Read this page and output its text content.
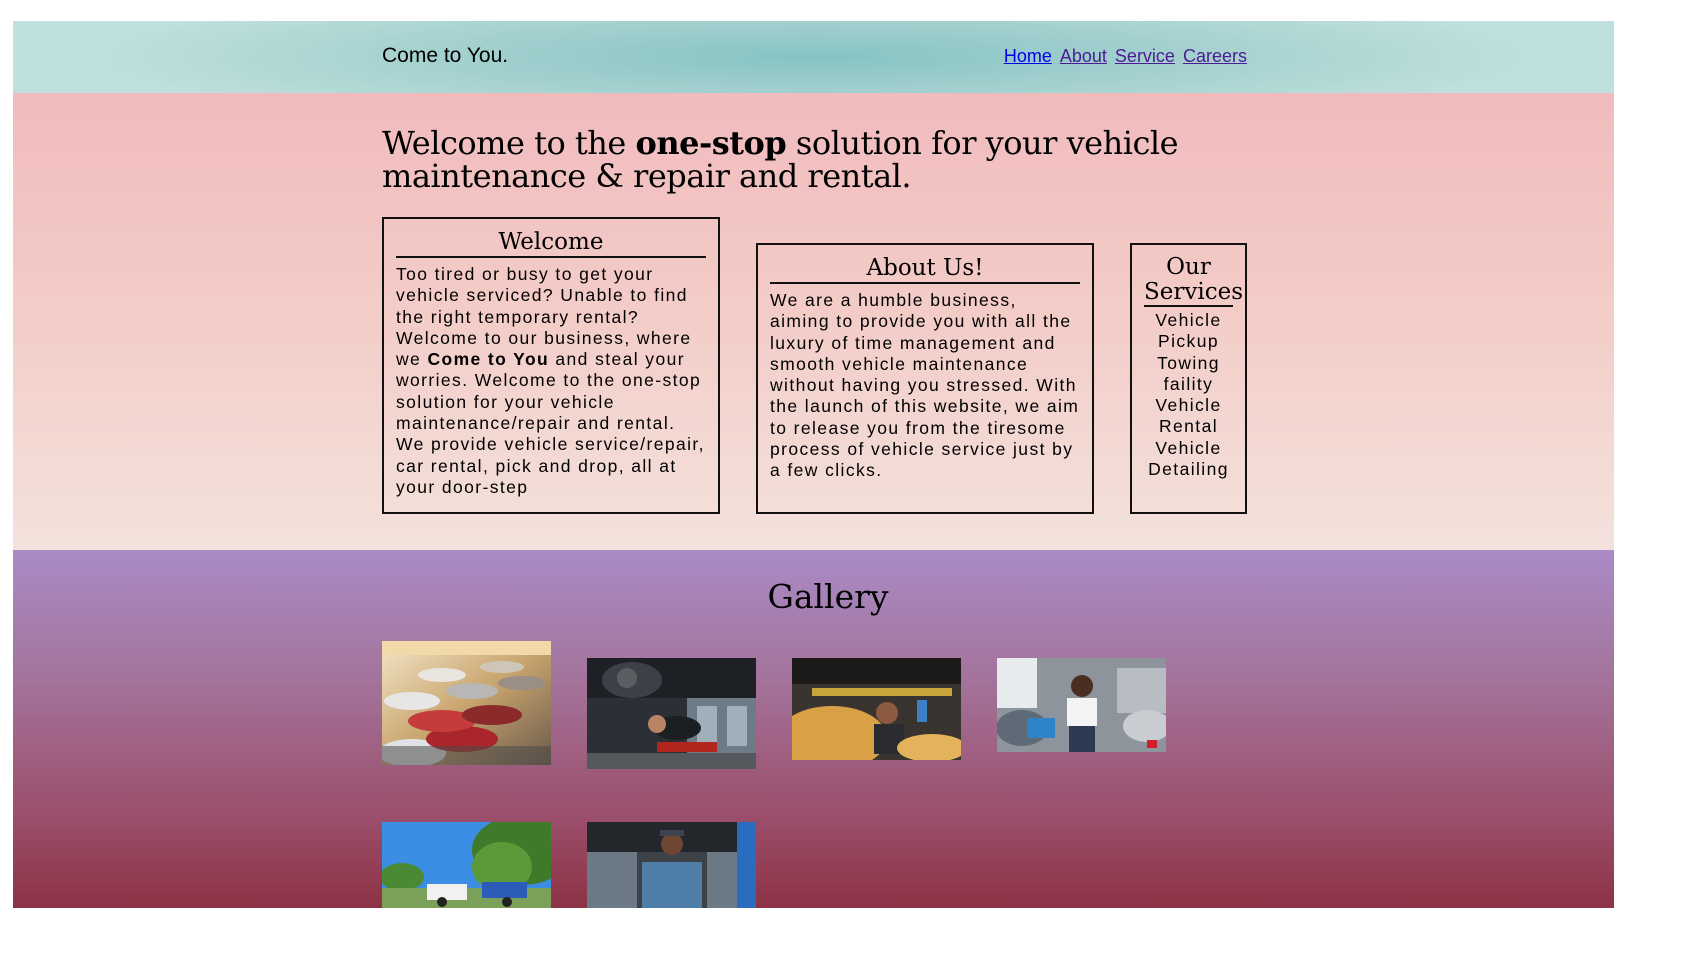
Come to You.	Home About Service Careers
Welcome to the one-stop solution for your vehicle maintenance & repair and rental.
Welcome

Too tired or busy to get your vehicle serviced? Unable to find the right temporary rental? Welcome to our business, where we Come to You and steal your worries. Welcome to the one-stop solution for your vehicle maintenance/repair and rental. We provide vehicle service/repair, car rental, pick and drop, all at your door-step

About Us!

We are a humble business, aiming to provide you with all the luxury of time management and smooth vehicle maintenance without having you stressed. With the launch of this website, we aim to release you from the tiresome process of vehicle service just by a few clicks.

Our
Services
Vehicle
Pickup
Towing
faility
Vehicle
Rental
Vehicle
Detailing
Gallery
